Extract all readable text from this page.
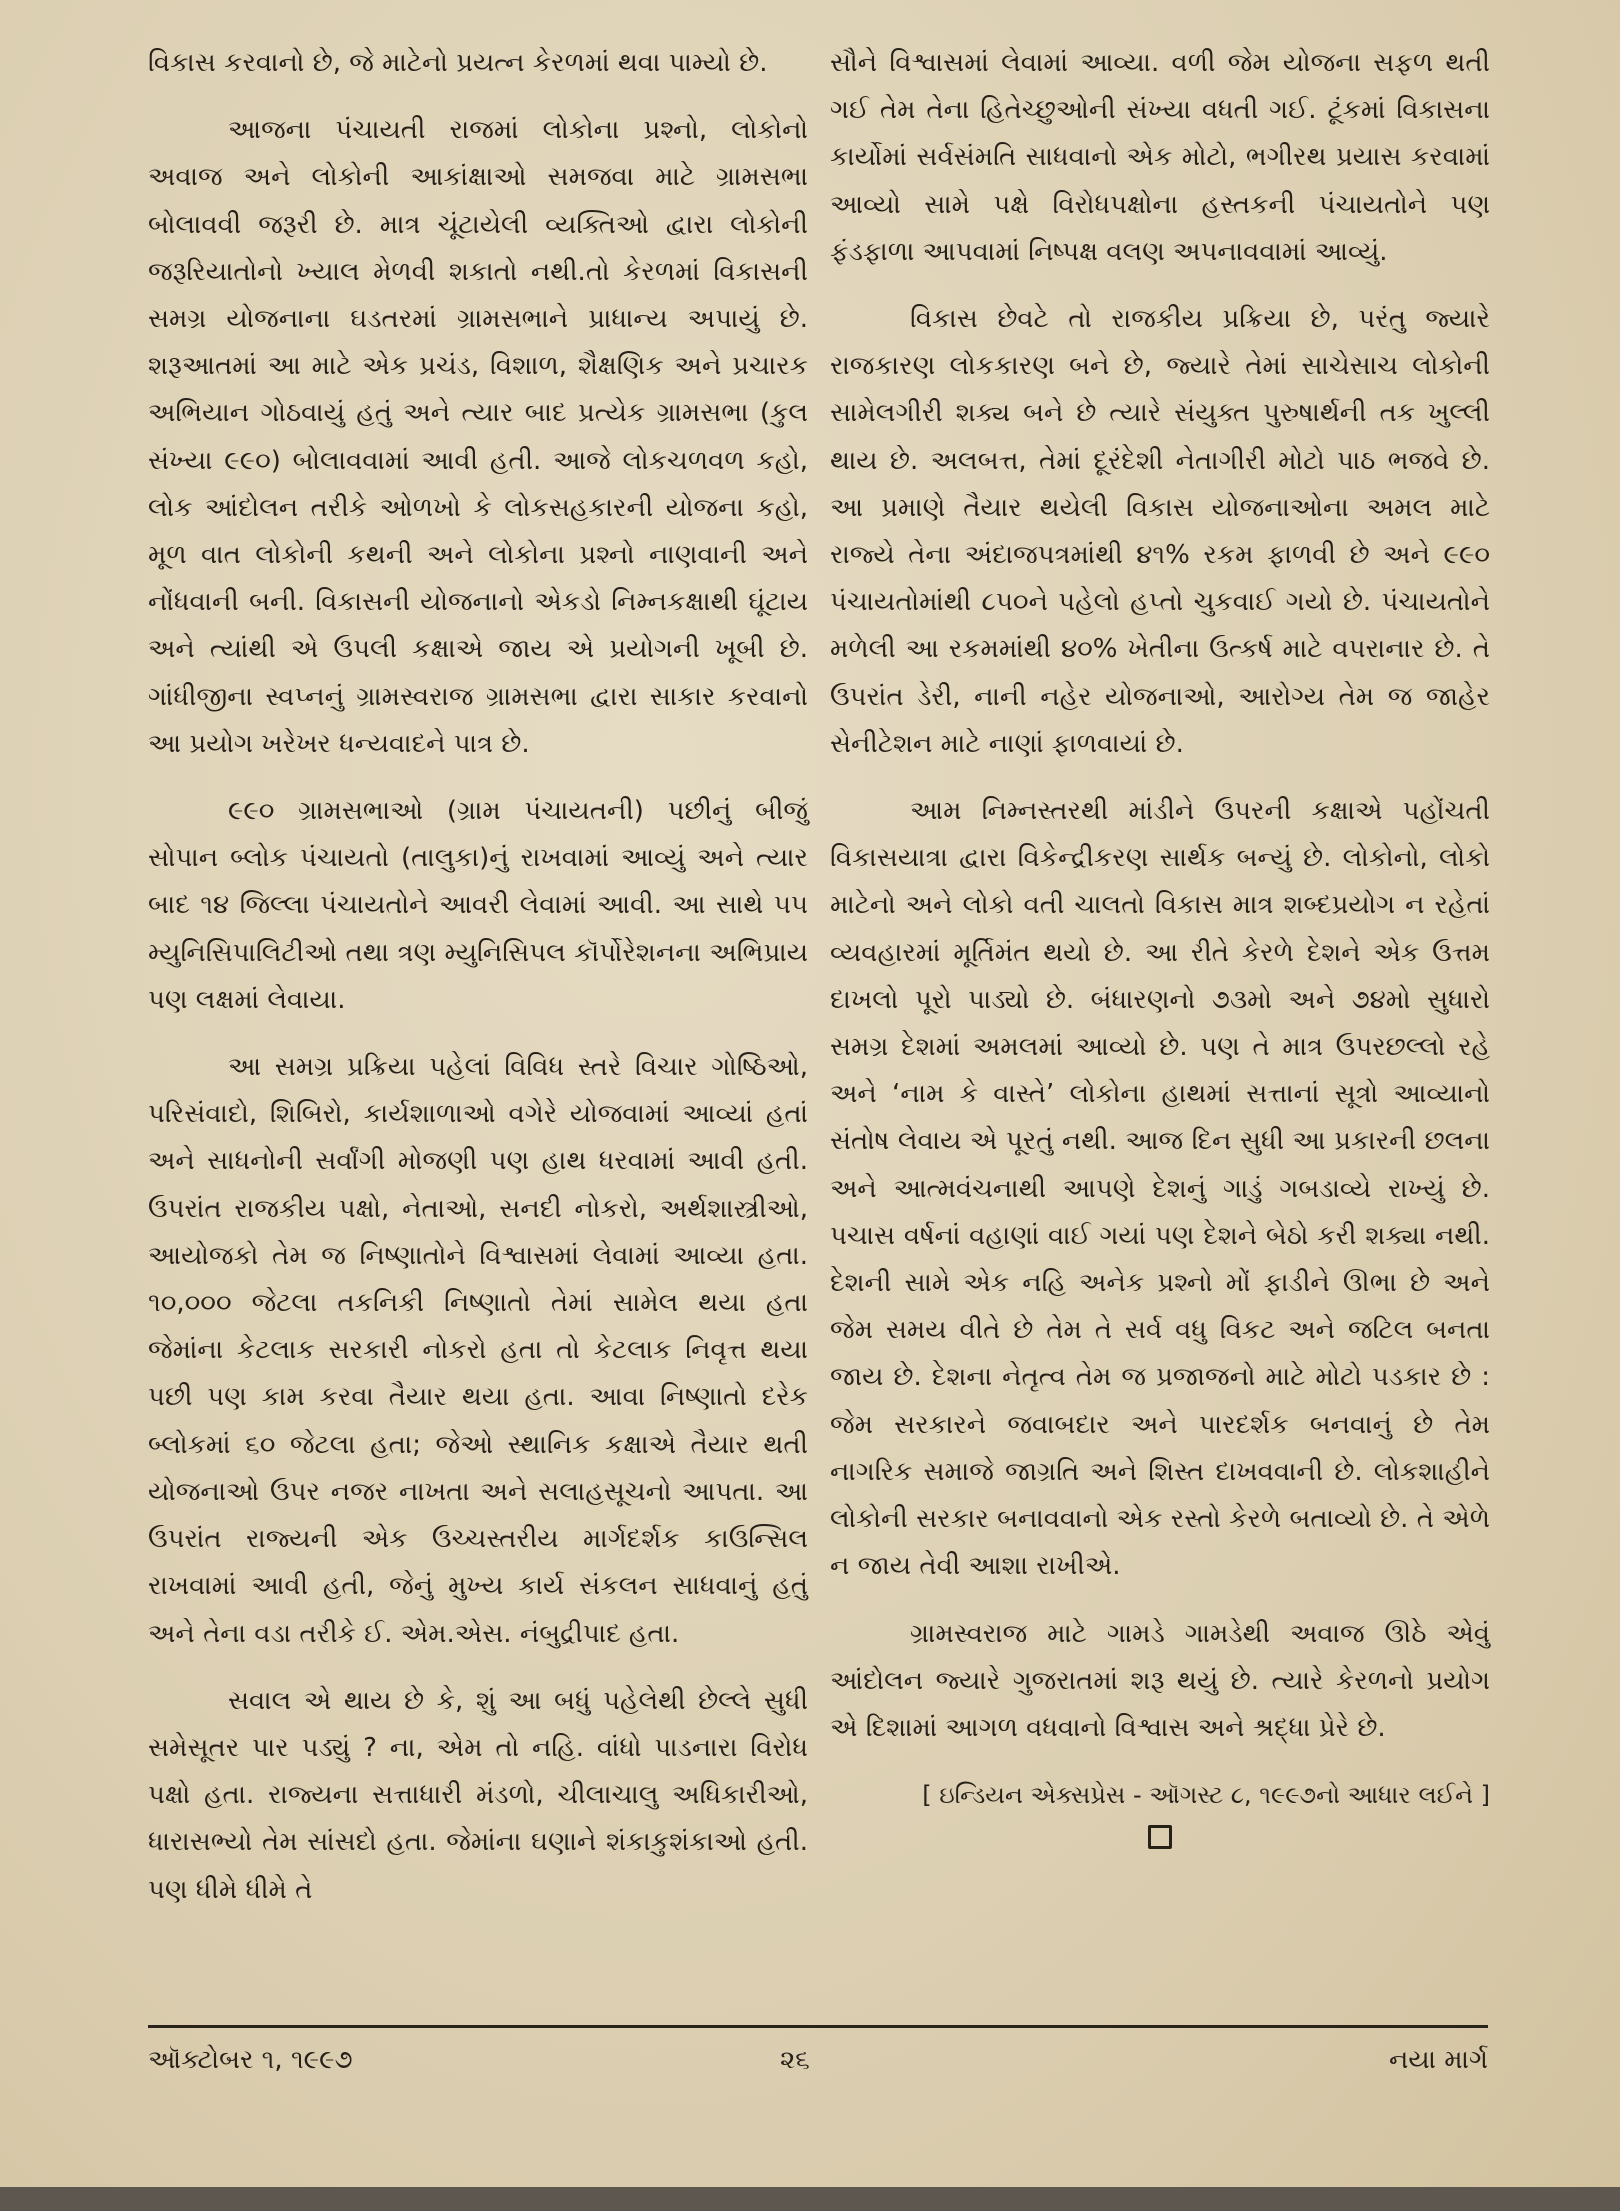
વિકાસ કરવાનો છે, જે માટેનો પ્રયત્ન કેરળમાં થવા પામ્યો છે.

આજના પંચાયતી રાજમાં લોકોના પ્રશ્નો, લોકોનો અવાજ અને લોકોની આકાંક્ષાઓ સમજવા માટે ગ્રામસભા બોલાવવી જરૂરી છે. માત્ર ચૂંટાયેલી વ્યક્તિઓ દ્વારા લોકોની જરૂરિયાતોનો ખ્યાલ મેળવી શકાતો નથી.તો કેરળમાં વિકાસની સમગ્ર યોજનાના ઘડતરમાં ગ્રામસભાને પ્રાધાન્ય અપાયું છે. શરૂઆતમાં આ માટે એક પ્રચંડ, વિશાળ, શૈક્ષણિક અને પ્રચારક અભિયાન ગોઠવાયું હતું અને ત્યાર બાદ પ્રત્યેક ગ્રામસભા (કુલ સંખ્યા ૯૯૦) બોલાવવામાં આવી હતી. આજે લોકચળવળ કહો, લોક આંદોલન તરીકે ઓળખો કે લોકસહકારની યોજના કહો, મૂળ વાત લોકોની કથની અને લોકોના પ્રશ્નો નાણવાની અને નોંધવાની બની. વિકાસની યોજનાનો એકડો નિમ્નકક્ષાથી ઘૂંટાય અને ત્યાંથી એ ઉપલી કક્ષાએ જાય એ પ્રયોગની ખૂબી છે. ગાંધીજીના સ્વપ્નનું ગ્રામસ્વરાજ ગ્રામસભા દ્વારા સાકાર કરવાનો આ પ્રયોગ ખરેખર ધન્યવાદને પાત્ર છે.

૯૯૦ ગ્રામસભાઓ (ગ્રામ પંચાયતની) પછીનું બીજું સોપાન બ્લોક પંચાયતો (તાલુકા)નું રાખવામાં આવ્યું અને ત્યાર બાદ ૧૪ જિલ્લા પંચાયતોને આવરી લેવામાં આવી. આ સાથે ૫૫ મ્યુનિસિપાલિટીઓ તથા ત્રણ મ્યુનિસિપલ કૉર્પોરેશનના અભિપ્રાય પણ લક્ષમાં લેવાયા.

આ સમગ્ર પ્રક્રિયા પહેલાં વિવિધ સ્તરે વિચાર ગોષ્ઠિઓ, પરિસંવાદો, શિબિરો, કાર્યશાળાઓ વગેરે યોજવામાં આવ્યાં હતાં અને સાધનોની સર્વાંગી મોજણી પણ હાથ ધરવામાં આવી હતી. ઉપરાંત રાજકીય પક્ષો, નેતાઓ, સનદી નોકરો, અર્થશાસ્ત્રીઓ, આયોજકો તેમ જ નિષ્ણાતોને વિશ્વાસમાં લેવામાં આવ્યા હતા. ૧૦,૦૦૦ જેટલા તકનિકી નિષ્ણાતો તેમાં સામેલ થયા હતા જેમાંના કેટલાક સરકારી નોકરો હતા તો કેટલાક નિવૃત્ત થયા પછી પણ કામ કરવા તૈયાર થયા હતા. આવા નિષ્ણાતો દરેક બ્લોકમાં ૬૦ જેટલા હતા; જેઓ સ્થાનિક કક્ષાએ તૈયાર થતી યોજનાઓ ઉપર નજર નાખતા અને સલાહસૂચનો આપતા. આ ઉપરાંત રાજ્યની એક ઉચ્ચસ્તરીય માર્ગદર્શક કાઉન્સિલ રાખવામાં આવી હતી, જેનું મુખ્ય કાર્ય સંકલન સાધવાનું હતું અને તેના વડા તરીકે ઈ. એમ.એસ. નંબુદ્રીપાદ હતા.

સવાલ એ થાય છે કે, શું આ બધું પહેલેથી છેલ્લે સુધી સમેસૂતર પાર પડ્યું ? ના, એમ તો નહિ. વાંધો પાડનારા વિરોધ પક્ષો હતા. રાજ્યના સત્તાધારી મંડળો, ચીલાચાલુ અધિકારીઓ, ધારાસભ્યો તેમ સાંસદો હતા. જેમાંના ઘણાને શંકાકુશંકાઓ હતી. પણ ધીમે ધીમે તે

સૌને વિશ્વાસમાં લેવામાં આવ્યા. વળી જેમ યોજના સફળ થતી ગઈ તેમ તેના હિતેચ્છુઓની સંખ્યા વધતી ગઈ. ટૂંકમાં વિકાસના કાર્યોમાં સર્વસંમતિ સાધવાનો એક મોટો, ભગીરથ પ્રયાસ કરવામાં આવ્યો સામે પક્ષે વિરોધપક્ષોના હસ્તકની પંચાયતોને પણ ફંડફાળા આપવામાં નિષ્પક્ષ વલણ અપનાવવામાં આવ્યું.

વિકાસ છેવટે તો રાજકીય પ્રક્રિયા છે, પરંતુ જ્યારે રાજકારણ લોકકારણ બને છે, જ્યારે તેમાં સાચેસાચ લોકોની સામેલગીરી શક્ય બને છે ત્યારે સંયુક્ત પુરુષાર્થની તક ખુલ્લી થાય છે. અલબત્ત, તેમાં દૂરંદેશી નેતાગીરી મોટો પાઠ ભજવે છે. આ પ્રમાણે તૈયાર થયેલી વિકાસ યોજનાઓના અમલ માટે રાજ્યે તેના અંદાજપત્રમાંથી ૪૧% રકમ ફાળવી છે અને ૯૯૦ પંચાયતોમાંથી ૮૫૦ને પહેલો હપ્તો ચુકવાઈ ગયો છે. પંચાયતોને મળેલી આ રકમમાંથી ૪૦% ખેતીના ઉત્કર્ષ માટે વપરાનાર છે. તે ઉપરાંત ડેરી, નાની નહેર યોજનાઓ, આરોગ્ય તેમ જ જાહેર સેનીટેશન માટે નાણાં ફાળવાયાં છે.

આમ નિમ્નસ્તરથી માંડીને ઉપરની કક્ષાએ પહોંચતી વિકાસયાત્રા દ્વારા વિકેન્દ્રીકરણ સાર્થક બન્યું છે. લોકોનો, લોકો માટેનો અને લોકો વતી ચાલતો વિકાસ માત્ર શબ્દપ્રયોગ ન રહેતાં વ્યવહારમાં મૂર્તિમંત થયો છે. આ રીતે કેરળે દેશને એક ઉત્તમ દાખલો પૂરો પાડ્યો છે. બંધારણનો ૭૩મો અને ૭૪મો સુધારો સમગ્ર દેશમાં અમલમાં આવ્યો છે. પણ તે માત્ર ઉપરછલ્લો રહે અને ‘નામ કે વાસ્તે’ લોકોના હાથમાં સત્તાનાં સૂત્રો આવ્યાનો સંતોષ લેવાય એ પૂરતું નથી. આજ દિન સુધી આ પ્રકારની છલના અને આત્મવંચનાથી આપણે દેશનું ગાડું ગબડાવ્યે રાખ્યું છે. પચાસ વર્ષનાં વહાણાં વાઈ ગયાં પણ દેશને બેઠો કરી શક્યા નથી. દેશની સામે એક નહિ અનેક પ્રશ્નો મોં ફાડીને ઊભા છે અને જેમ સમય વીતે છે તેમ તે સર્વ વધુ વિકટ અને જટિલ બનતા જાય છે. દેશના નેતૃત્વ તેમ જ પ્રજાજનો માટે મોટો પડકાર છે : જેમ સરકારને જવાબદાર અને પારદર્શક બનવાનું છે તેમ નાગરિક સમાજે જાગ્રતિ અને શિસ્ત દાખવવાની છે. લોકશાહીને લોકોની સરકાર બનાવવાનો એક રસ્તો કેરળે બતાવ્યો છે. તે એળે ન જાય તેવી આશા રાખીએ.

ગ્રામસ્વરાજ માટે ગામડે ગામડેથી અવાજ ઊઠે એવું આંદોલન જ્યારે ગુજરાતમાં શરૂ થયું છે. ત્યારે કેરળનો પ્રયોગ એ દિશામાં આગળ વધવાનો વિશ્વાસ અને શ્રદ્ધા પ્રેરે છે.

[ ઇન્ડિયન એક્સપ્રેસ - ઑગસ્ટ ૮, ૧૯૯૭નો આધાર લઈને ]

ઑક્ટોબર ૧, ૧૯૯૭	૨૬	નયા માર્ગ
